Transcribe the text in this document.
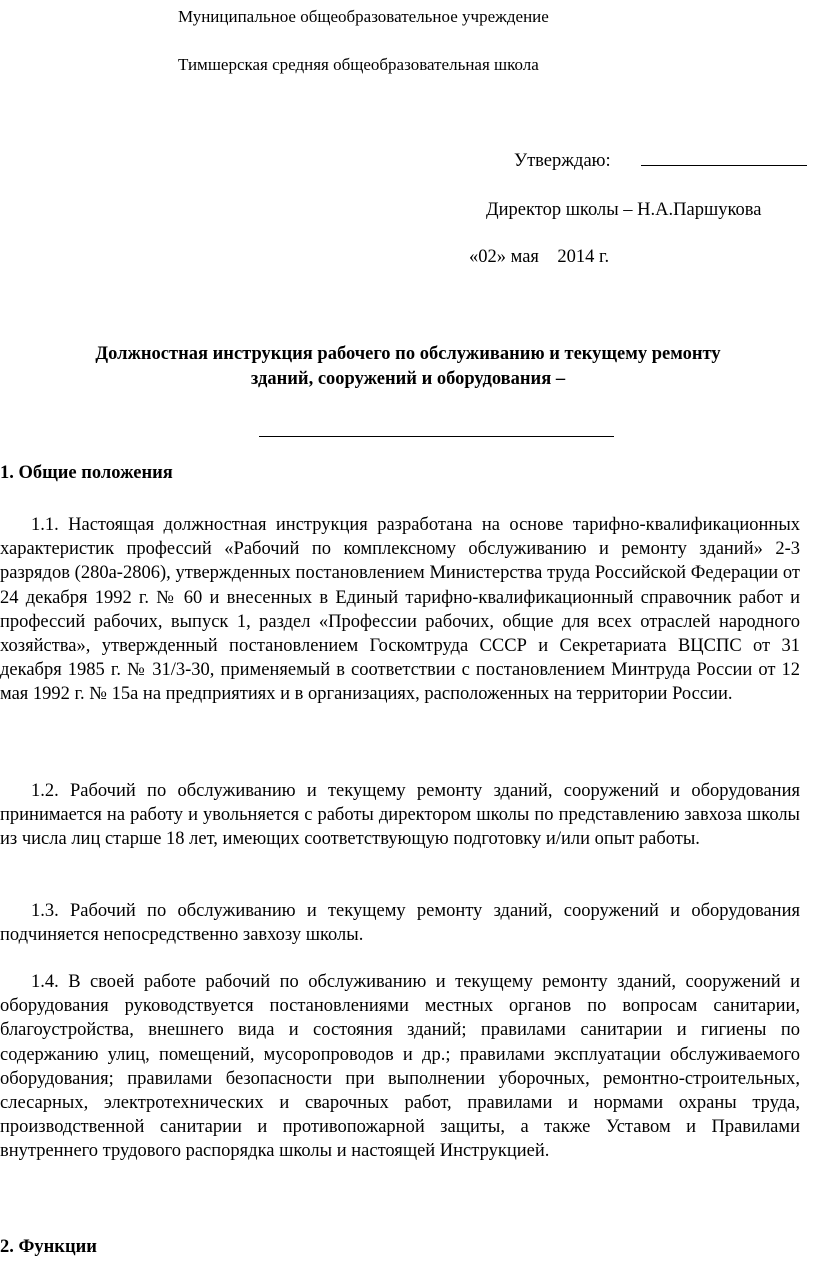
Муниципальное общеобразовательное учреждение
Тимшерская средняя общеобразовательная школа
Утверждаю:
Директор школы – Н.А.Паршукова
«02» мая    2014 г.
Должностная инструкция рабочего по обслуживанию и текущему ремонту
зданий, сооружений и оборудования –
1. Общие положения

1.1. Настоящая должностная инструкция разработана на основе тарифно-квалификационных характеристик профессий «Рабочий по комплексному обслуживанию и ремонту зданий» 2-3 разрядов (280а-2806), утвержденных постановлением Министерства труда Российской Федерации от 24 декабря 1992 г. № 60 и внесенных в Единый тарифно-квалификационный справочник работ и профессий рабочих, выпуск 1, раздел «Профессии рабочих, общие для всех отраслей народного хозяйства», утвержденный постановлением Госкомтруда СССР и Секретариата ВЦСПС от 31 декабря 1985 г. № 31/3-30, применяемый в соответствии с постановлением Минтруда России от 12 мая 1992 г. № 15а на предприятиях и в организациях, расположенных на территории России.

1.2. Рабочий по обслуживанию и текущему ремонту зданий, сооружений и оборудования принимается на работу и увольняется с работы директором школы по представлению завхоза школы из числа лиц старше 18 лет, имеющих соответствующую подготовку и/или опыт работы.

1.3. Рабочий по обслуживанию и текущему ремонту зданий, сооружений и оборудования подчиняется непосредственно завхозу школы.

1.4. В своей работе рабочий по обслуживанию и текущему ремонту зданий, сооружений и оборудования руководствуется постановлениями местных органов по вопросам санитарии, благоустройства, внешнего вида и состояния зданий; правилами санитарии и гигиены по содержанию улиц, помещений, мусоропроводов и др.; правилами эксплуатации обслуживаемого оборудования; правилами безопасности при выполнении уборочных, ремонтно-строительных, слесарных, электротехнических и сварочных работ, правилами и нормами охраны труда, производственной санитарии и противопожарной защиты, а также Уставом и Правилами внутреннего трудового распорядка школы и настоящей Инструкцией.

2. Функции
